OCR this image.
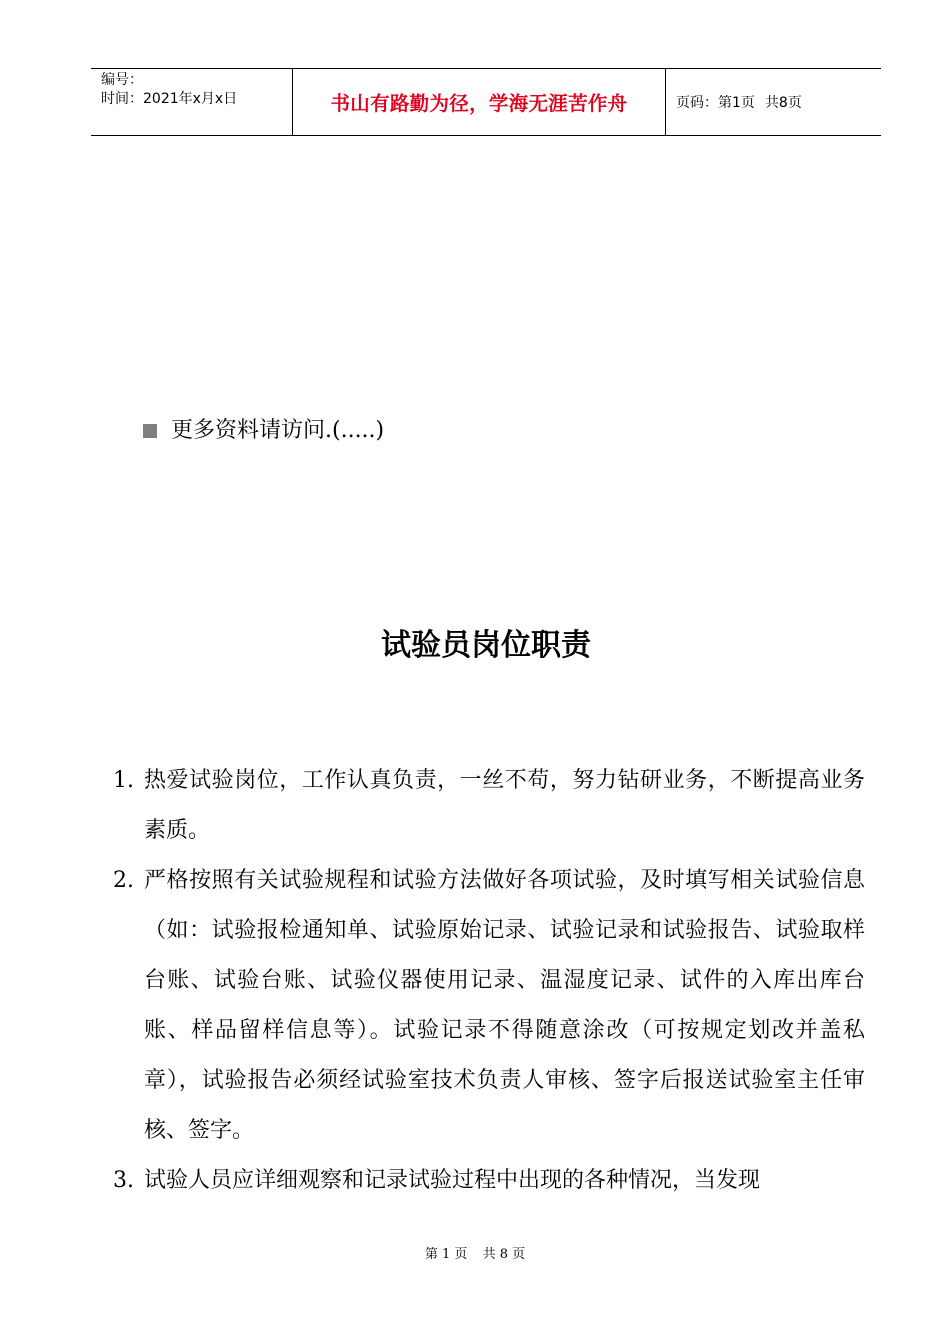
编号：
时间：2021年x月x日	书山有路勤为径，学海无涯苦作舟	页码：第1页 共8页
更多资料请访问.(.....)
试验员岗位职责
1. 热爱试验岗位，工作认真负责，一丝不苟，努力钻研业务，不断提高业务素质。
2. 严格按照有关试验规程和试验方法做好各项试验，及时填写相关试验信息（如：试验报检通知单、试验原始记录、试验记录和试验报告、试验取样台账、试验台账、试验仪器使用记录、温湿度记录、试件的入库出库台账、样品留样信息等）。试验记录不得随意涂改（可按规定划改并盖私章），试验报告必须经试验室技术负责人审核、签字后报送试验室主任审核、签字。
3. 试验人员应详细观察和记录试验过程中出现的各种情况，当发现
第 1 页 共 8 页
